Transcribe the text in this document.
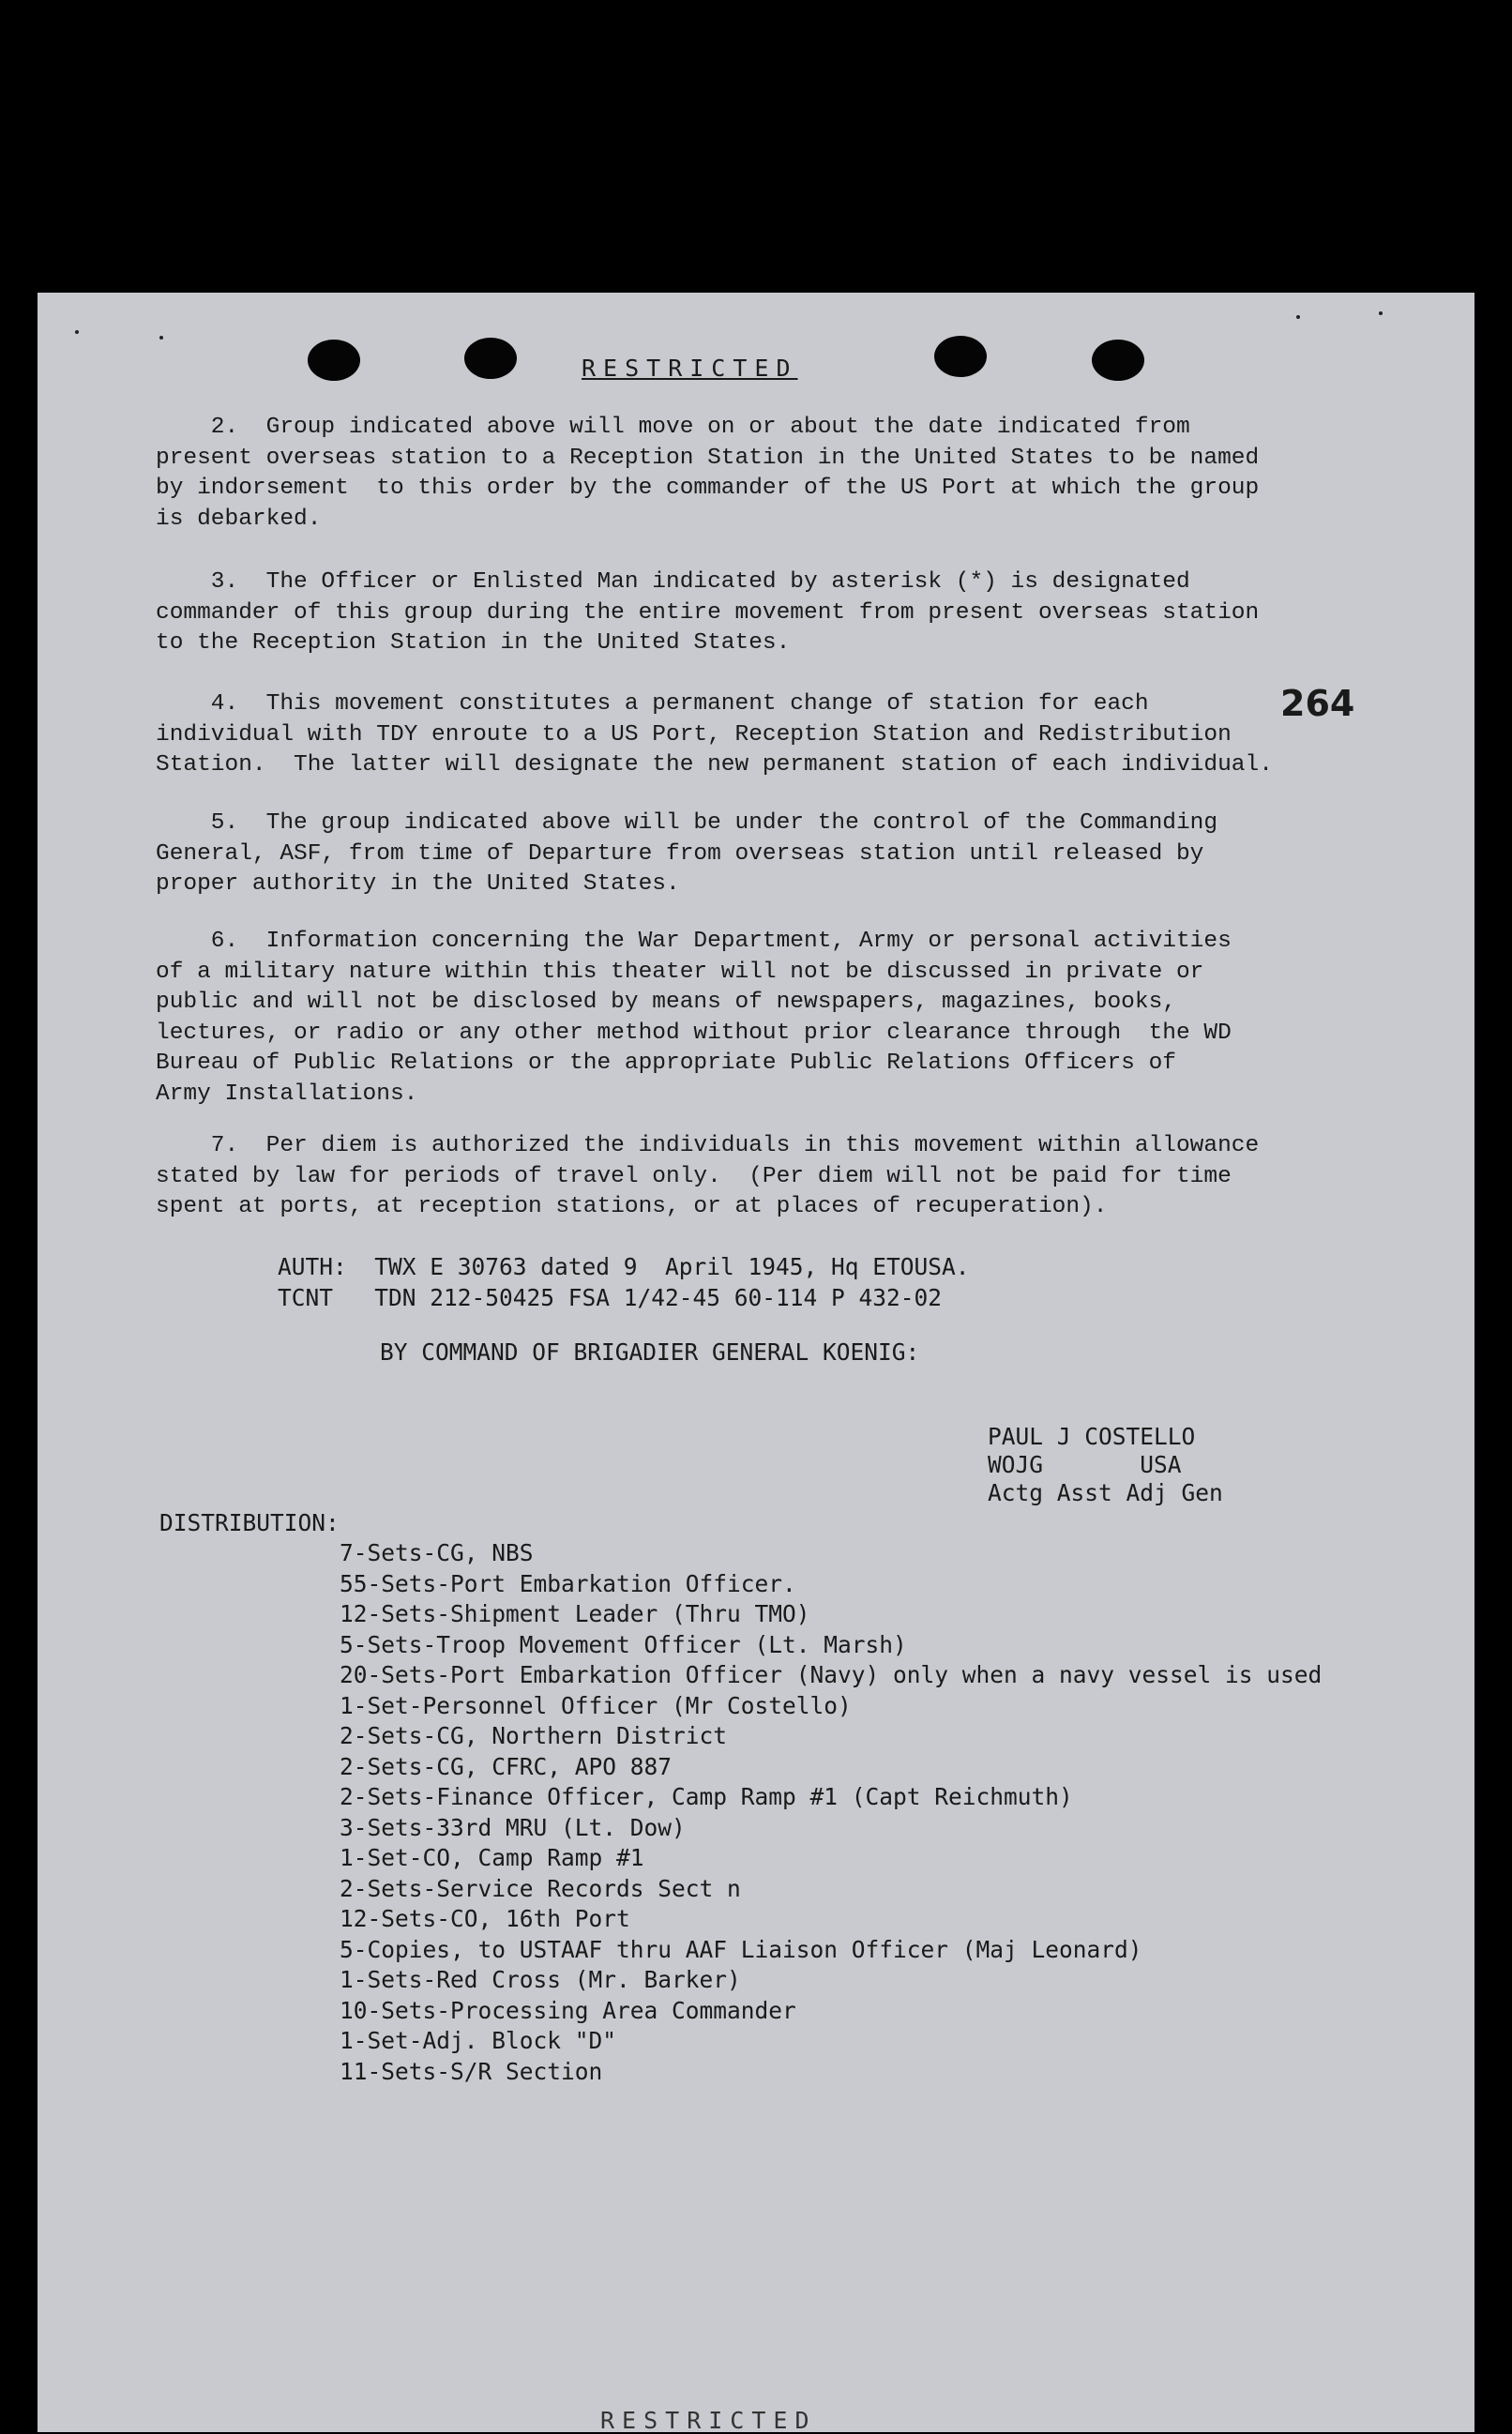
RESTRICTED
264
2.  Group indicated above will move on or about the date indicated from
present overseas station to a Reception Station in the United States to be named
by indorsement  to this order by the commander of the US Port at which the group
is debarked.
3.  The Officer or Enlisted Man indicated by asterisk (*) is designated
commander of this group during the entire movement from present overseas station
to the Reception Station in the United States.
4.  This movement constitutes a permanent change of station for each
individual with TDY enroute to a US Port, Reception Station and Redistribution
Station.  The latter will designate the new permanent station of each individual.
5.  The group indicated above will be under the control of the Commanding
General, ASF, from time of Departure from overseas station until released by
proper authority in the United States.
6.  Information concerning the War Department, Army or personal activities
of a military nature within this theater will not be discussed in private or
public and will not be disclosed by means of newspapers, magazines, books,
lectures, or radio or any other method without prior clearance through  the WD
Bureau of Public Relations or the appropriate Public Relations Officers of
Army Installations.
7.  Per diem is authorized the individuals in this movement within allowance
stated by law for periods of travel only.  (Per diem will not be paid for time
spent at ports, at reception stations, or at places of recuperation).
AUTH:  TWX E 30763 dated 9  April 1945, Hq ETOUSA.
TCNT   TDN 212-50425 FSA 1/42-45 60-114 P 432-02
BY COMMAND OF BRIGADIER GENERAL KOENIG:
PAUL J COSTELLO
WOJG       USA
Actg Asst Adj Gen
DISTRIBUTION:
7-Sets-CG, NBS
55-Sets-Port Embarkation Officer.
12-Sets-Shipment Leader (Thru TMO)
5-Sets-Troop Movement Officer (Lt. Marsh)
20-Sets-Port Embarkation Officer (Navy) only when a navy vessel is used
1-Set-Personnel Officer (Mr Costello)
2-Sets-CG, Northern District
2-Sets-CG, CFRC, APO 887
2-Sets-Finance Officer, Camp Ramp #1 (Capt Reichmuth)
3-Sets-33rd MRU (Lt. Dow)
1-Set-CO, Camp Ramp #1
2-Sets-Service Records Sect n
12-Sets-CO, 16th Port
5-Copies, to USTAAF thru AAF Liaison Officer (Maj Leonard)
1-Sets-Red Cross (Mr. Barker)
10-Sets-Processing Area Commander
1-Set-Adj. Block "D"
11-Sets-S/R Section
RESTRICTED
